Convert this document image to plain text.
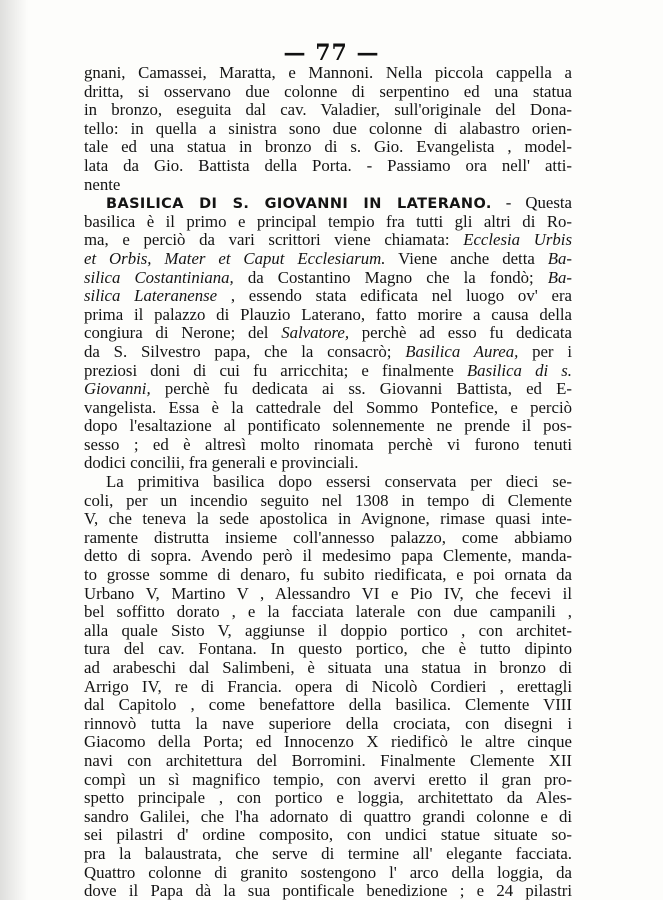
— 77 —
gnani, Camassei, Maratta, e Mannoni. Nella piccola cappella a
dritta, si osservano due colonne di serpentino ed una statua
in bronzo, eseguita dal cav. Valadier, sull'originale del Dona-
tello: in quella a sinistra sono due colonne di alabastro orien-
tale ed una statua in bronzo di s. Gio. Evangelista , model-
lata da Gio. Battista della Porta. - Passiamo ora nell' atti-
nente
BASILICA DI S. GIOVANNI IN LATERANO. - Questa
basilica è il primo e principal tempio fra tutti gli altri di Ro-
ma, e perciò da vari scrittori viene chiamata: Ecclesia Urbis
et Orbis, Mater et Caput Ecclesiarum. Viene anche detta Ba-
silica Costantiniana, da Costantino Magno che la fondò; Ba-
silica Lateranense , essendo stata edificata nel luogo ov' era
prima il palazzo di Plauzio Laterano, fatto morire a causa della
congiura di Nerone; del Salvatore, perchè ad esso fu dedicata
da S. Silvestro papa, che la consacrò; Basilica Aurea, per i
preziosi doni di cui fu arricchita; e finalmente Basilica di s.
Giovanni, perchè fu dedicata ai ss. Giovanni Battista, ed E-
vangelista. Essa è la cattedrale del Sommo Pontefice, e perciò
dopo l'esaltazione al pontificato solennemente ne prende il pos-
sesso ; ed è altresì molto rinomata perchè vi furono tenuti
dodici concilii, fra generali e provinciali.
La primitiva basilica dopo essersi conservata per dieci se-
coli, per un incendio seguito nel 1308 in tempo di Clemente
V, che teneva la sede apostolica in Avignone, rimase quasi inte-
ramente distrutta insieme coll'annesso palazzo, come abbiamo
detto di sopra. Avendo però il medesimo papa Clemente, manda-
to grosse somme di denaro, fu subito riedificata, e poi ornata da
Urbano V, Martino V , Alessandro VI e Pio IV, che fecevi il
bel soffitto dorato , e la facciata laterale con due campanili ,
alla quale Sisto V, aggiunse il doppio portico , con architet-
tura del cav. Fontana. In questo portico, che è tutto dipinto
ad arabeschi dal Salimbeni, è situata una statua in bronzo di
Arrigo IV, re di Francia. opera di Nicolò Cordieri , erettagli
dal Capitolo , come benefattore della basilica. Clemente VIII
rinnovò tutta la nave superiore della crociata, con disegni i
Giacomo della Porta; ed Innocenzo X riedificò le altre cinque
navi con architettura del Borromini. Finalmente Clemente XII
compì un sì magnifico tempio, con avervi eretto il gran pro-
spetto principale , con portico e loggia, architettato da Ales-
sandro Galilei, che l'ha adornato di quattro grandi colonne e di
sei pilastri d' ordine composito, con undici statue situate so-
pra la balaustrata, che serve di termine all' elegante facciata.
Quattro colonne di granito sostengono l' arco della loggia, da
dove il Papa dà la sua pontificale benedizione ; e 24 pilastri
